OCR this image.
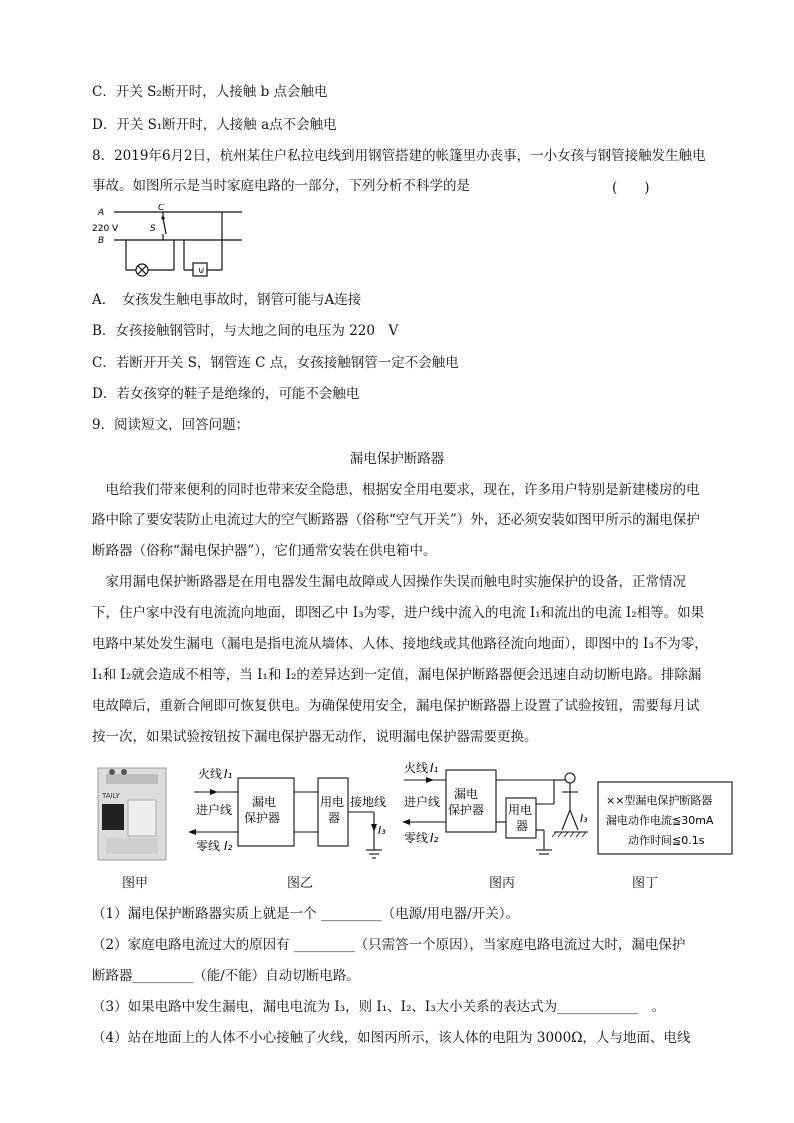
C．开关 S₂断开时，人接触 b 点会触电
D．开关 S₁断开时，人接触 a点不会触电
8．2019年6月2日，杭州某住户私拉电线到用钢管搭建的帐篷里办丧事，一小女孩与钢管接触发生触电
事故。如图所示是当时家庭电路的一部分，下列分析不科学的是	(　　)
⊍
A
B
220 V
C
S
A．　女孩发生触电事故时，钢管可能与A连接
B．女孩接触钢管时，与大地之间的电压为 220　V
C．若断开开关 S，钢管连 C 点，女孩接触钢管一定不会触电
D．若女孩穿的鞋子是绝缘的，可能不会触电
9．阅读短文，回答问题：
漏电保护断路器
　电给我们带来便利的同时也带来安全隐患，根据安全用电要求，现在，许多用户特别是新建楼房的电
路中除了要安装防止电流过大的空气断路器（俗称“空气开关”）外，还必须安装如图甲所示的漏电保护
断路器（俗称“漏电保护器”），它们通常安装在供电箱中。
　家用漏电保护断路器是在用电器发生漏电故障或人因操作失误而触电时实施保护的设备，正常情况
下，住户家中没有电流流向地面，即图乙中 I₃为零，进户线中流入的电流 I₁和流出的电流 I₂相等。如果
电路中某处发生漏电（漏电是指电流从墙体、人体、接地线或其他路径流向地面），即图中的 I₃不为零，
I₁和 I₂就会造成不相等，当 I₁和 I₂的差异达到一定值，漏电保护断路器便会迅速自动切断电路。排除漏
电故障后，重新合闸即可恢复供电。为确保使用安全，漏电保护断路器上设置了试验按钮，需要每月试
按一次，如果试验按钮按下漏电保护器无动作，说明漏电保护器需要更换。
TAILY
火线 I₁
进户线
零线 I₂
漏电
保护器
用电
器
接地线
I₃
火线 I₁
进户线
零线 I₂
漏电
保护器 用电
器
I₃
××型漏电保护断路器
漏电动作电流≦30mA
动作时间≦0.1s
图甲	图乙	图丙	图丁
（1）漏电保护断路器实质上就是一个 _________（电源/用电器/开关）。
（2）家庭电路电流过大的原因有 _________（只需答一个原因），当家庭电路电流过大时，漏电保护
断路器_________（能/不能）自动切断电路。
（3）如果电路中发生漏电，漏电电流为 I₃，则 I₁、I₂、I₃大小关系的表达式为____________　。
（4）站在地面上的人体不小心接触了火线，如图丙所示，该人体的电阻为 3000Ω，人与地面、电线
